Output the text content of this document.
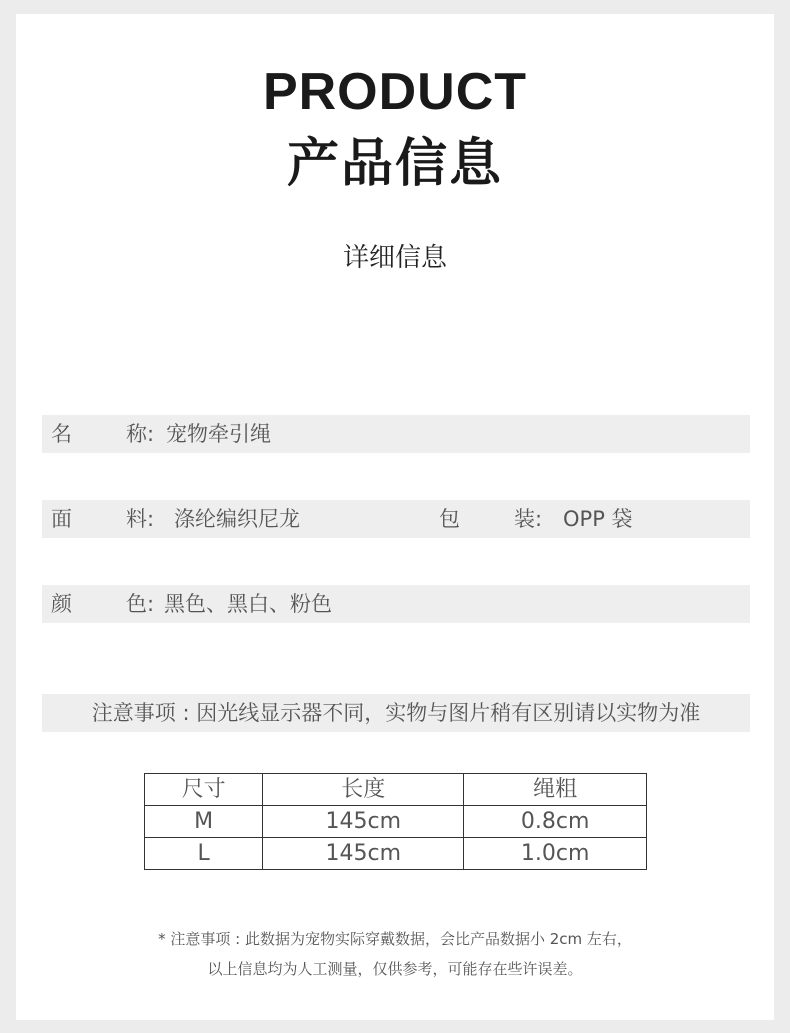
PRODUCT
产品信息
详细信息
名	称: 宠物牵引绳
面	料: 涤纶编织尼龙	包	装: OPP 袋
颜	色: 黑色、黑白、粉色
注意事项 : 因光线显示器不同，实物与图片稍有区别请以实物为准
尺寸	长度	绳粗
M	145cm	0.8cm
L	145cm	1.0cm
* 注意事项 : 此数据为宠物实际穿戴数据，会比产品数据小 2cm 左右，
以上信息均为人工测量，仅供参考，可能存在些许误差。
